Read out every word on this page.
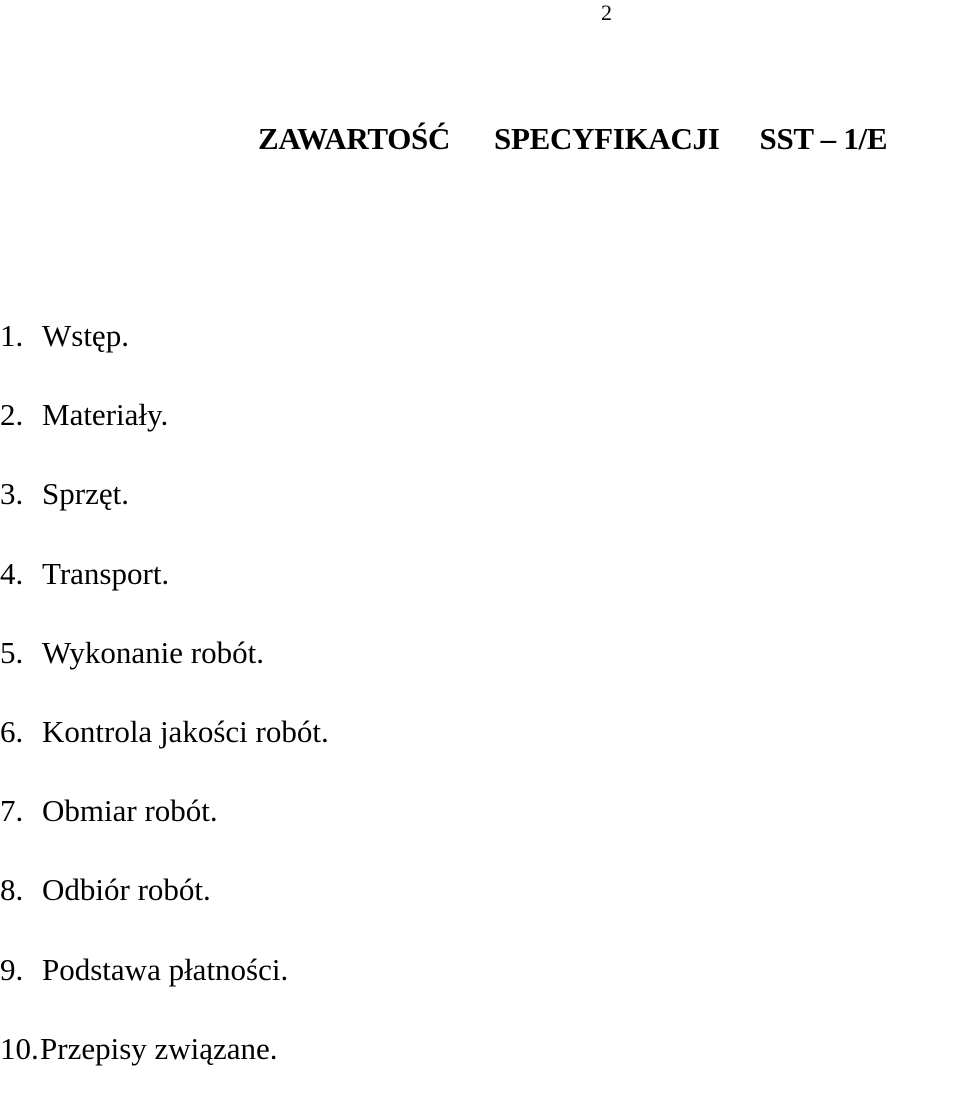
2
ZAWARTOŚĆ SPECYFIKACJI SST – 1/E
1. Wstęp.
2. Materiały.
3. Sprzęt.
4. Transport.
5. Wykonanie robót.
6. Kontrola jakości robót.
7. Obmiar robót.
8. Odbiór robót.
9. Podstawa płatności.
10.Przepisy związane.
